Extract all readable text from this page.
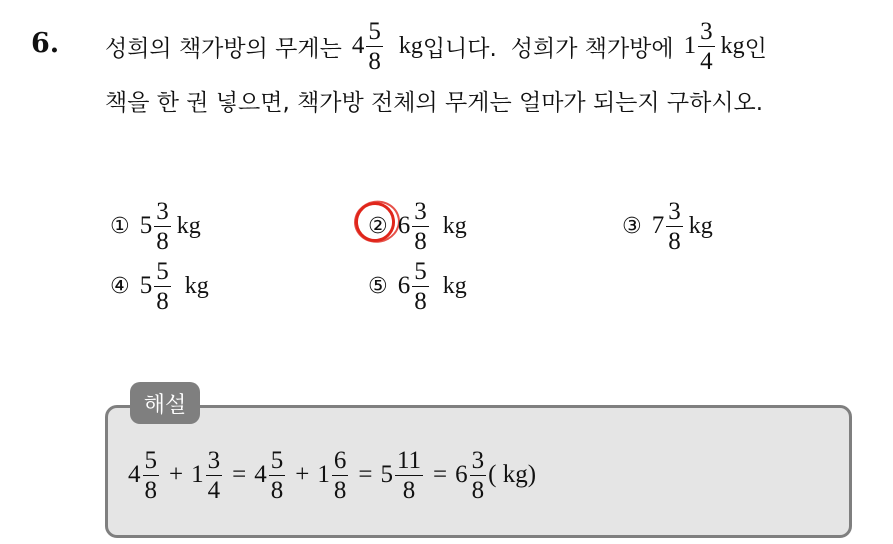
6. 성희의 책가방의 무게는 $4 \frac{5}{8}$ kg 입니다. 성희가 책가방에 $1 \frac{3}{4}$ kg 인
책을 한 권 넣으면, 책가방 전체의 무게는 얼마가 되는지 구하시오.
① $5 \frac{3}{8}$ kg	② $6 \frac{3}{8}$ kg	③ $7 \frac{3}{8}$ kg
④ $5 \frac{5}{8}$ kg	⑤ $6 \frac{5}{8}$ kg
해설
$4 \frac{5}{8} + 1 \frac{3}{4} = 4 \frac{5}{8} + 1 \frac{6}{8} = 5 \frac{11}{8} = 6 \frac{3}{8}$ ( kg)
